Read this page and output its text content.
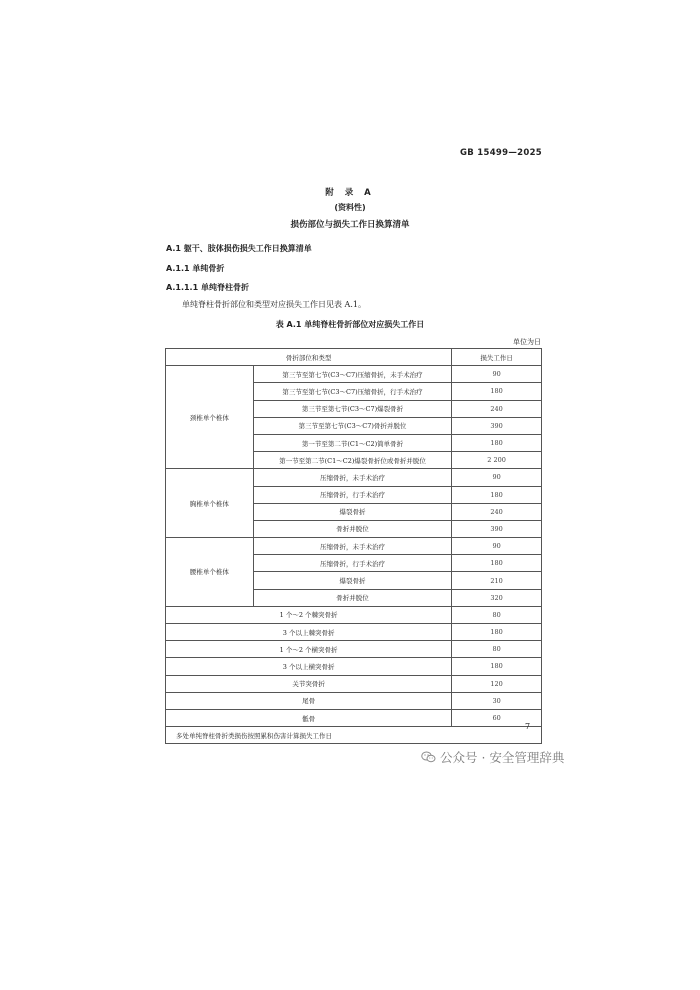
GB 15499—2025
附 录 A
(资料性)
损伤部位与损失工作日换算清单
A.1 躯干、肢体损伤损失工作日换算清单
A.1.1 单纯骨折
A.1.1.1 单纯脊柱骨折
单纯脊柱骨折部位和类型对应损失工作日见表 A.1。
表 A.1 单纯脊柱骨折部位对应损失工作日
单位为日
骨折部位和类型		损失工作日
颈椎单个椎体	第三节至第七节(C3～C7)压缩骨折，未手术治疗	90
	第三节至第七节(C3～C7)压缩骨折，行手术治疗	180
	第三节至第七节(C3～C7)爆裂骨折	240
	第三节至第七节(C3～C7)骨折并脱位	390
	第一节至第二节(C1～C2)简单骨折	180
	第一节至第二节(C1～C2)爆裂骨折位或骨折并脱位	2 200
胸椎单个椎体	压缩骨折，未手术治疗	90
	压缩骨折，行手术治疗	180
	爆裂骨折	240
	骨折并脱位	390
腰椎单个椎体	压缩骨折，未手术治疗	90
	压缩骨折，行手术治疗	180
	爆裂骨折	210
	骨折并脱位	320
1 个～2 个棘突骨折		80
3 个以上棘突骨折		180
1 个～2 个横突骨折		80
3 个以上横突骨折		180
关节突骨折		120
尾骨		30
骶骨		60
多处单纯脊柱骨折类损伤按照累积伤害计算损失工作日		
7
公众号 · 安全管理辞典
